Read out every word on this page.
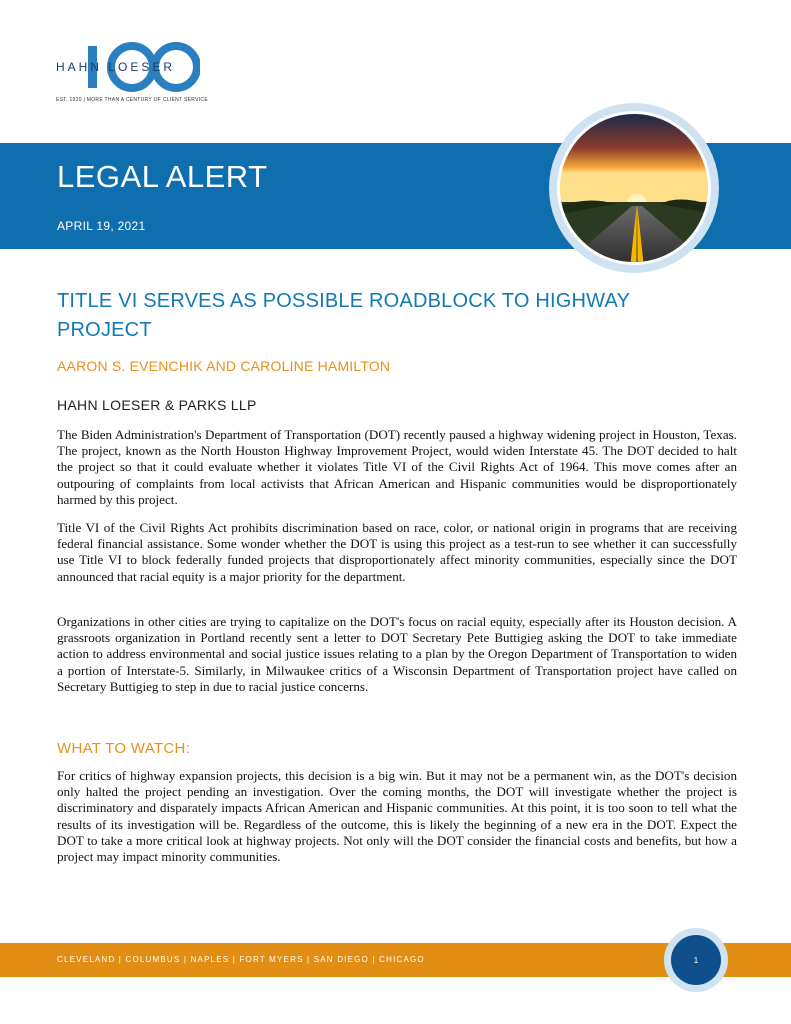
HAHN LOESER
EST. 1920 | MORE THAN A CENTURY OF CLIENT SERVICE
LEGAL ALERT
APRIL 19, 2021
TITLE VI SERVES AS POSSIBLE ROADBLOCK TO HIGHWAY PROJECT
AARON S. EVENCHIK AND CAROLINE HAMILTON
HAHN LOESER & PARKS LLP

The Biden Administration's Department of Transportation (DOT) recently paused a highway widening project in Houston, Texas. The project, known as the North Houston Highway Improvement Project, would widen Interstate 45. The DOT decided to halt the project so that it could evaluate whether it violates Title VI of the Civil Rights Act of 1964. This move comes after an outpouring of complaints from local activists that African American and Hispanic communities would be disproportionately harmed by this project.

Title VI of the Civil Rights Act prohibits discrimination based on race, color, or national origin in programs that are receiving federal financial assistance. Some wonder whether the DOT is using this project as a test-run to see whether it can successfully use Title VI to block federally funded projects that disproportionately affect minority communities, especially since the DOT announced that racial equity is a major priority for the department.

Organizations in other cities are trying to capitalize on the DOT's focus on racial equity, especially after its Houston decision. A grassroots organization in Portland recently sent a letter to DOT Secretary Pete Buttigieg asking the DOT to take immediate action to address environmental and social justice issues relating to a plan by the Oregon Department of Transportation to widen a portion of Interstate-5. Similarly, in Milwaukee critics of a Wisconsin Department of Transportation project have called on Secretary Buttigieg to step in due to racial justice concerns.

WHAT TO WATCH:

For critics of highway expansion projects, this decision is a big win. But it may not be a permanent win, as the DOT's decision only halted the project pending an investigation. Over the coming months, the DOT will investigate whether the project is discriminatory and disparately impacts African American and Hispanic communities. At this point, it is too soon to tell what the results of its investigation will be. Regardless of the outcome, this is likely the beginning of a new era in the DOT. Expect the DOT to take a more critical look at highway projects. Not only will the DOT consider the financial costs and benefits, but how a project may impact minority communities.

CLEVELAND | COLUMBUS | NAPLES | FORT MYERS | SAN DIEGO | CHICAGO	1
